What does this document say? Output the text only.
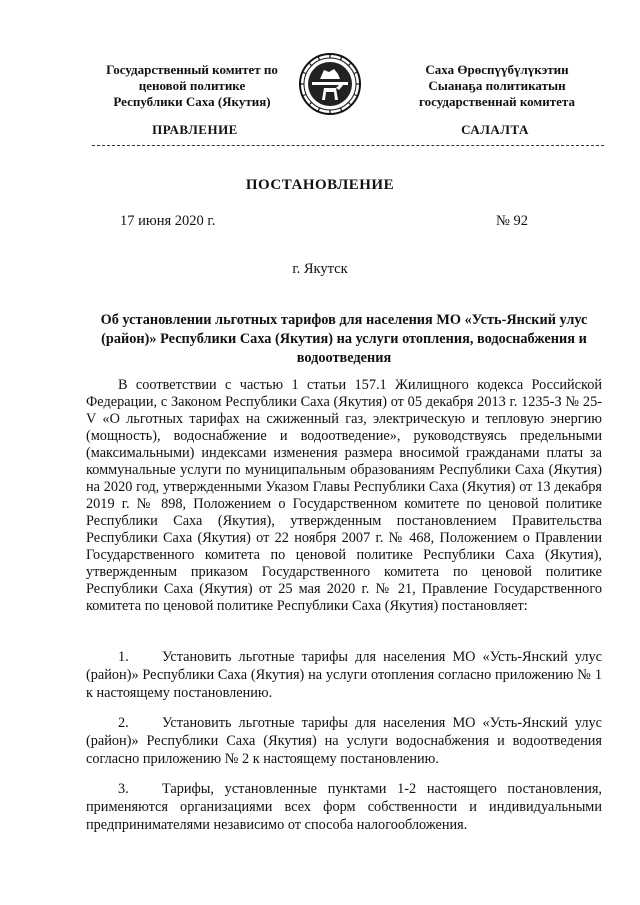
Государственный комитет по
ценовой политике
Республики Саха (Якутия)
Саха Өрөспүүбүлүкэтин
Сыанаҕа политикатын
государственнай комитета
ПРАВЛЕНИЕ	САЛАЛТА
ПОСТАНОВЛЕНИЕ
17 июня 2020 г.	№ 92
г. Якутск
Об установлении льготных тарифов для населения МО «Усть-Янский улус (район)» Республики Саха (Якутия) на услуги отопления, водоснабжения и водоотведения

В соответствии с частью 1 статьи 157.1 Жилищного кодекса Российской Федерации, с Законом Республики Саха (Якутия) от 05 декабря 2013 г. 1235-З № 25-V «О льготных тарифах на сжиженный газ, электрическую и тепловую энергию (мощность), водоснабжение и водоотведение», руководствуясь предельными (максимальными) индексами изменения размера вносимой гражданами платы за коммунальные услуги по муниципальным образованиям Республики Саха (Якутия) на 2020 год, утвержденными Указом Главы Республики Саха (Якутия) от 13 декабря 2019 г. № 898, Положением о Государственном комитете по ценовой политике Республики Саха (Якутия), утвержденным постановлением Правительства Республики Саха (Якутия) от 22 ноября 2007 г. № 468, Положением о Правлении Государственного комитета по ценовой политике Республики Саха (Якутия), утвержденным приказом Государственного комитета по ценовой политике Республики Саха (Якутия) от 25 мая 2020 г. № 21, Правление Государственного комитета по ценовой политике Республики Саха (Якутия) постановляет:

1. Установить льготные тарифы для населения МО «Усть-Янский улус (район)» Республики Саха (Якутия) на услуги отопления согласно приложению № 1 к настоящему постановлению.

2. Установить льготные тарифы для населения МО «Усть-Янский улус (район)» Республики Саха (Якутия) на услуги водоснабжения и водоотведения согласно приложению № 2 к настоящему постановлению.

3. Тарифы, установленные пунктами 1-2 настоящего постановления, применяются организациями всех форм собственности и индивидуальными предпринимателями независимо от способа налогообложения.
